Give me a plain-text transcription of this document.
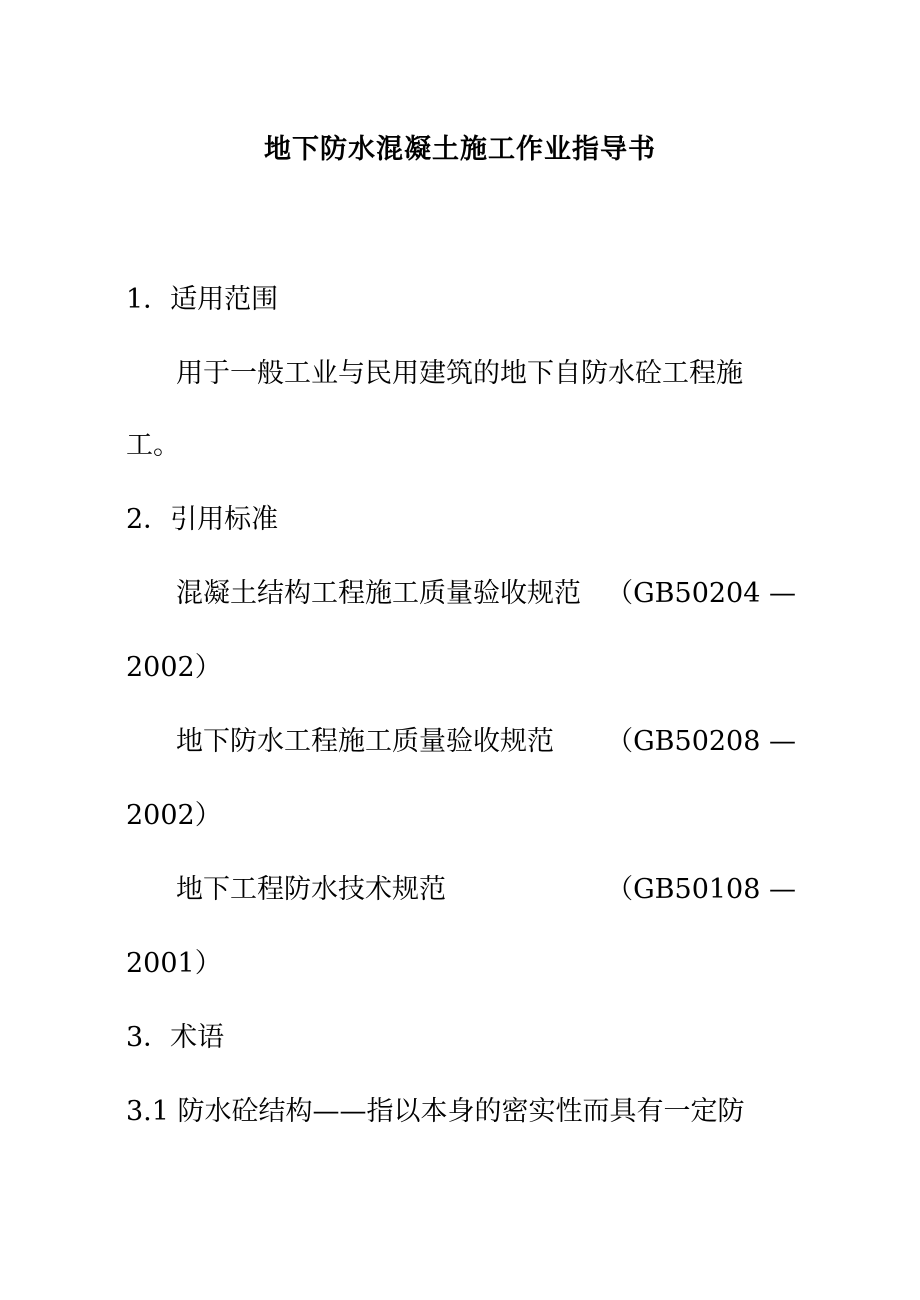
地下防水混凝土施工作业指导书
1．适用范围
用于一般工业与民用建筑的地下自防水砼工程施
工。
2．引用标准
混凝土结构工程施工质量验收规范 （GB50204 —
2002）
地下防水工程施工质量验收规范 （GB50208 —
2002）
地下工程防水技术规范	（GB50108 —
2001）
3．术语
3.1 防水砼结构——指以本身的密实性而具有一定防
